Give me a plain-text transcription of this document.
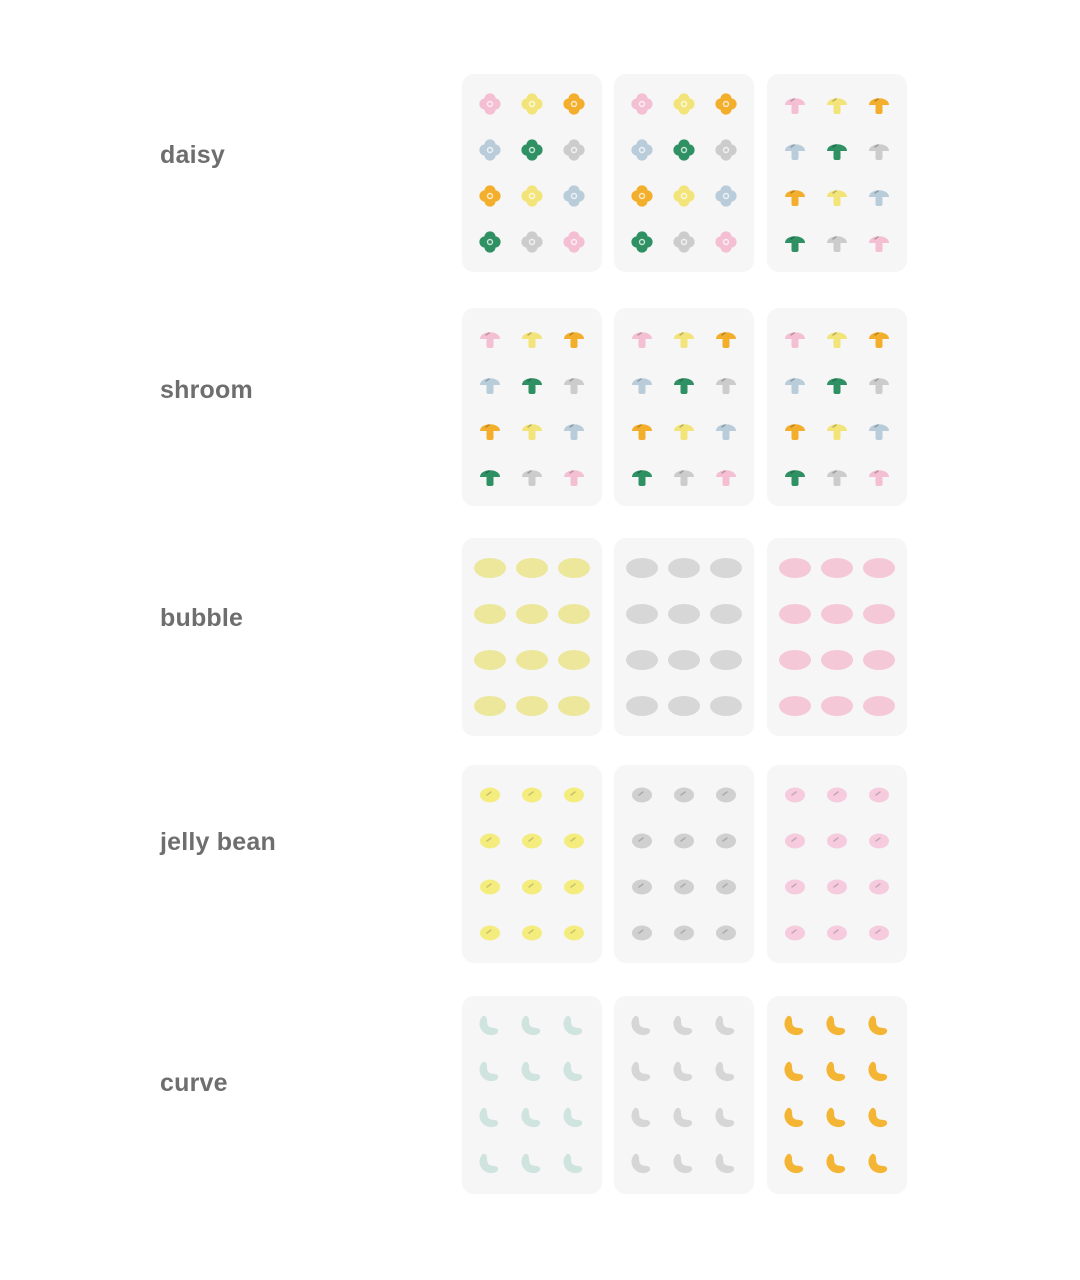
daisy
shroom
bubble
jelly bean
curve
